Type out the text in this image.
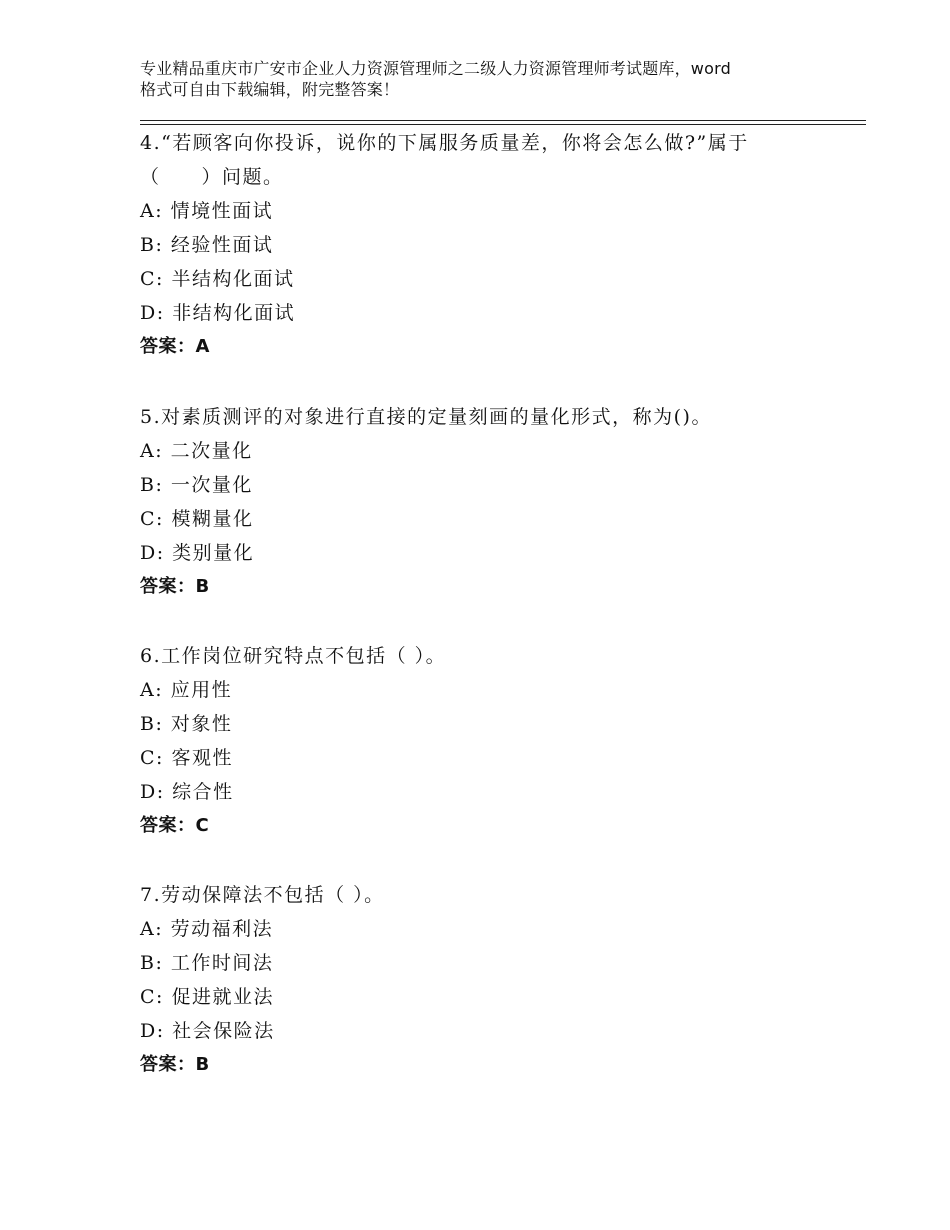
专业精品重庆市广安市企业人力资源管理师之二级人力资源管理师考试题库，word
格式可自由下载编辑，附完整答案！

4.“若顾客向你投诉，说你的下属服务质量差，你将会怎么做?”属于

（　　）问题。

A: 情境性面试

B: 经验性面试

C: 半结构化面试

D: 非结构化面试

答案：A

5.对素质测评的对象进行直接的定量刻画的量化形式，称为()。

A: 二次量化

B: 一次量化

C: 模糊量化

D: 类别量化

答案：B

6.工作岗位研究特点不包括（ ）。

A: 应用性

B: 对象性

C: 客观性

D: 综合性

答案：C

7.劳动保障法不包括（ ）。

A: 劳动福利法

B: 工作时间法

C: 促进就业法

D: 社会保险法

答案：B
